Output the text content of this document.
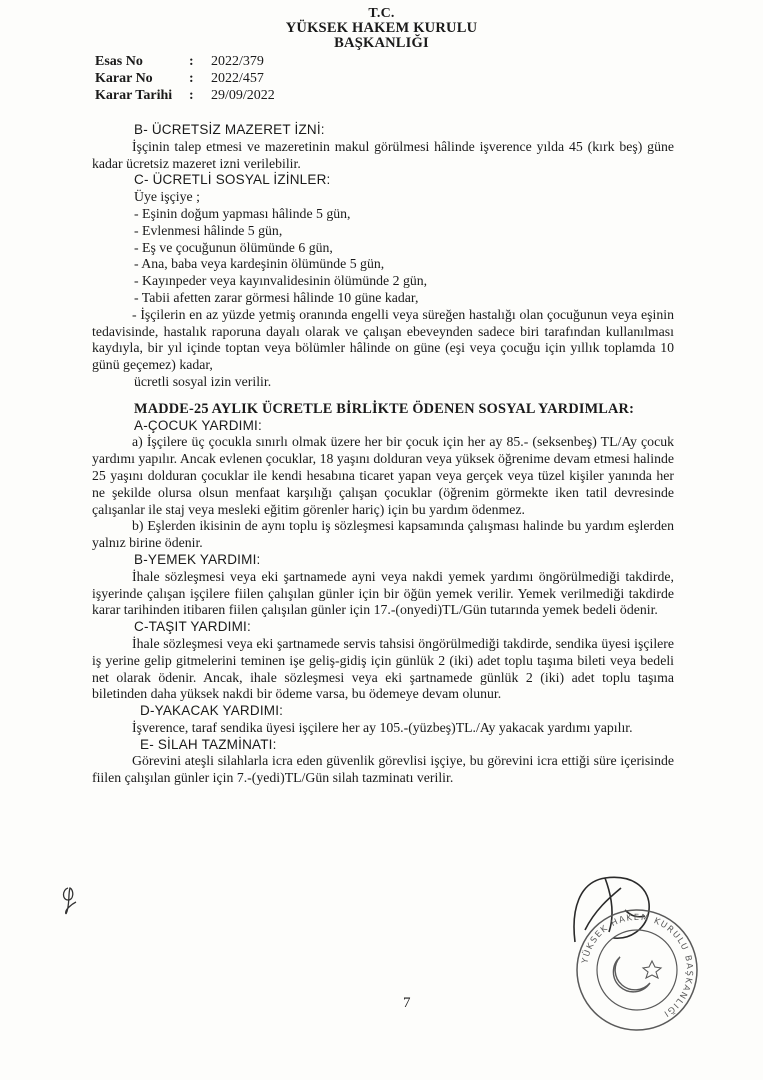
T.C.
YÜKSEK HAKEM KURULU
BAŞKANLIĞI
Esas No	:	2022/379
Karar No	:	2022/457
Karar Tarihi	:	29/09/2022

B- ÜCRETSİZ MAZERET İZNİ:

İşçinin talep etmesi ve mazeretinin makul görülmesi hâlinde işverence yılda 45 (kırk beş) güne kadar ücretsiz mazeret izni verilebilir.

C- ÜCRETLİ SOSYAL İZİNLER:

Üye işçiye ;

- Eşinin doğum yapması hâlinde 5 gün,

- Evlenmesi hâlinde 5 gün,

- Eş ve çocuğunun ölümünde 6 gün,

- Ana, baba veya kardeşinin ölümünde 5 gün,

- Kayınpeder veya kayınvalidesinin ölümünde 2 gün,

- Tabii afetten zarar görmesi hâlinde 10 güne kadar,

- İşçilerin en az yüzde yetmiş oranında engelli veya süreğen hastalığı olan çocuğunun veya eşinin tedavisinde, hastalık raporuna dayalı olarak ve çalışan ebeveynden sadece biri tarafından kullanılması kaydıyla, bir yıl içinde toptan veya bölümler hâlinde on güne (eşi veya çocuğu için yıllık toplamda 10 günü geçemez) kadar,

ücretli sosyal izin verilir.

MADDE-25 AYLIK ÜCRETLE BİRLİKTE ÖDENEN SOSYAL YARDIMLAR:

A-ÇOCUK YARDIMI:

a) İşçilere üç çocukla sınırlı olmak üzere her bir çocuk için her ay 85.- (seksenbeş) TL/Ay çocuk yardımı yapılır. Ancak evlenen çocuklar, 18 yaşını dolduran veya yüksek öğrenime devam etmesi halinde 25 yaşını dolduran çocuklar ile kendi hesabına ticaret yapan veya gerçek veya tüzel kişiler yanında her ne şekilde olursa olsun menfaat karşılığı çalışan çocuklar (öğrenim görmekte iken tatil devresinde çalışanlar ile staj veya mesleki eğitim görenler hariç) için bu yardım ödenmez.

b) Eşlerden ikisinin de aynı toplu iş sözleşmesi kapsamında çalışması halinde bu yardım eşlerden yalnız birine ödenir.

B-YEMEK YARDIMI:

İhale sözleşmesi veya eki şartnamede ayni veya nakdi yemek yardımı öngörülmediği takdirde, işyerinde çalışan işçilere fiilen çalışılan günler için bir öğün yemek verilir. Yemek verilmediği takdirde karar tarihinden itibaren fiilen çalışılan günler için 17.-(onyedi)TL/Gün tutarında yemek bedeli ödenir.

C-TAŞIT YARDIMI:

İhale sözleşmesi veya eki şartnamede servis tahsisi öngörülmediği takdirde, sendika üyesi işçilere iş yerine gelip gitmelerini teminen işe geliş-gidiş için günlük 2 (iki) adet toplu taşıma bileti veya bedeli net olarak ödenir. Ancak, ihale sözleşmesi veya eki şartnamede günlük 2 (iki) adet toplu taşıma biletinden daha yüksek nakdi bir ödeme varsa, bu ödemeye devam olunur.

D-YAKACAK YARDIMI:

İşverence, taraf sendika üyesi işçilere her ay 105.-(yüzbeş)TL./Ay yakacak yardımı yapılır.

E- SİLAH TAZMİNATI:

Görevini ateşli silahlarla icra eden güvenlik görevlisi işçiye, bu görevini icra ettiği süre içerisinde fiilen çalışılan günler için 7.-(yedi)TL/Gün silah tazminatı verilir.

7
YÜKSEK HAKEM KURULU BAŞKANLIĞI
